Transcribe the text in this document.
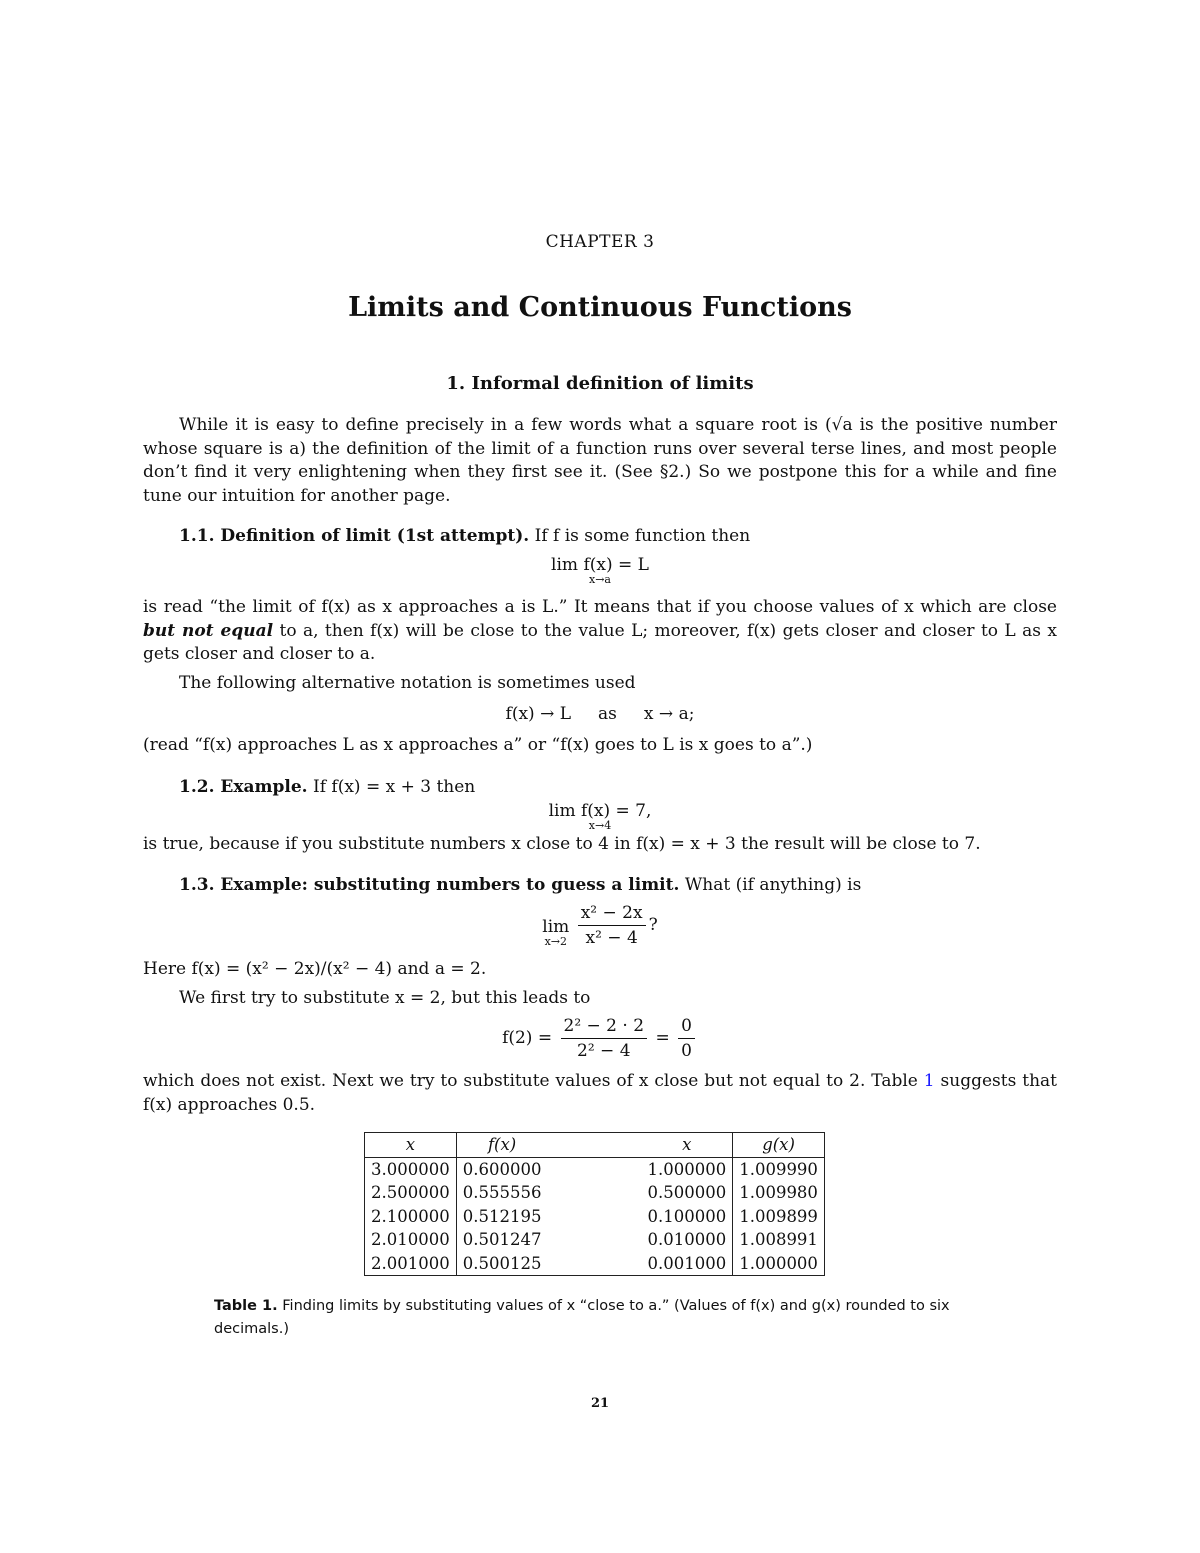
CHAPTER 3
Limits and Continuous Functions
1. Informal definition of limits
While it is easy to define precisely in a few words what a square root is (√a is the positive number whose square is a) the definition of the limit of a function runs over several terse lines, and most people don’t find it very enlightening when they first see it. (See §2.) So we postpone this for a while and fine tune our intuition for another page.
1.1. Definition of limit (1st attempt). If f is some function then
lim f(x) = L
x→a
is read “the limit of f(x) as x approaches a is L.” It means that if you choose values of x which are close but not equal to a, then f(x) will be close to the value L; moreover, f(x) gets closer and closer to L as x gets closer and closer to a.
The following alternative notation is sometimes used
f(x) → L     as     x → a;
(read “f(x) approaches L as x approaches a” or “f(x) goes to L is x goes to a”.)
1.2. Example. If f(x) = x + 3 then
lim f(x) = 7,
x→4
is true, because if you substitute numbers x close to 4 in f(x) = x + 3 the result will be close to 7.
1.3. Example: substituting numbers to guess a limit. What (if anything) is
lim
x→2
$\frac{\text{x² − 2x}}{\text{x² − 4}}$ ?
Here f(x) = (x² − 2x)/(x² − 4) and a = 2.
We first try to substitute x = 2, but this leads to
$f(2) = \frac{\text{2² − 2 · 2}}{\text{2² − 4}} = \frac{0}{0}$
which does not exist. Next we try to substitute values of x close but not equal to 2. Table 1 suggests that f(x) approaches 0.5.
x	f(x)		x	g(x)
3.000000	0.600000		1.000000	1.009990
2.500000	0.555556		0.500000	1.009980
2.100000	0.512195		0.100000	1.009899
2.010000	0.501247		0.010000	1.008991
2.001000	0.500125		0.001000	1.000000
Table 1. Finding limits by substituting values of x “close to a.” (Values of f(x) and g(x) rounded to six decimals.)
21
